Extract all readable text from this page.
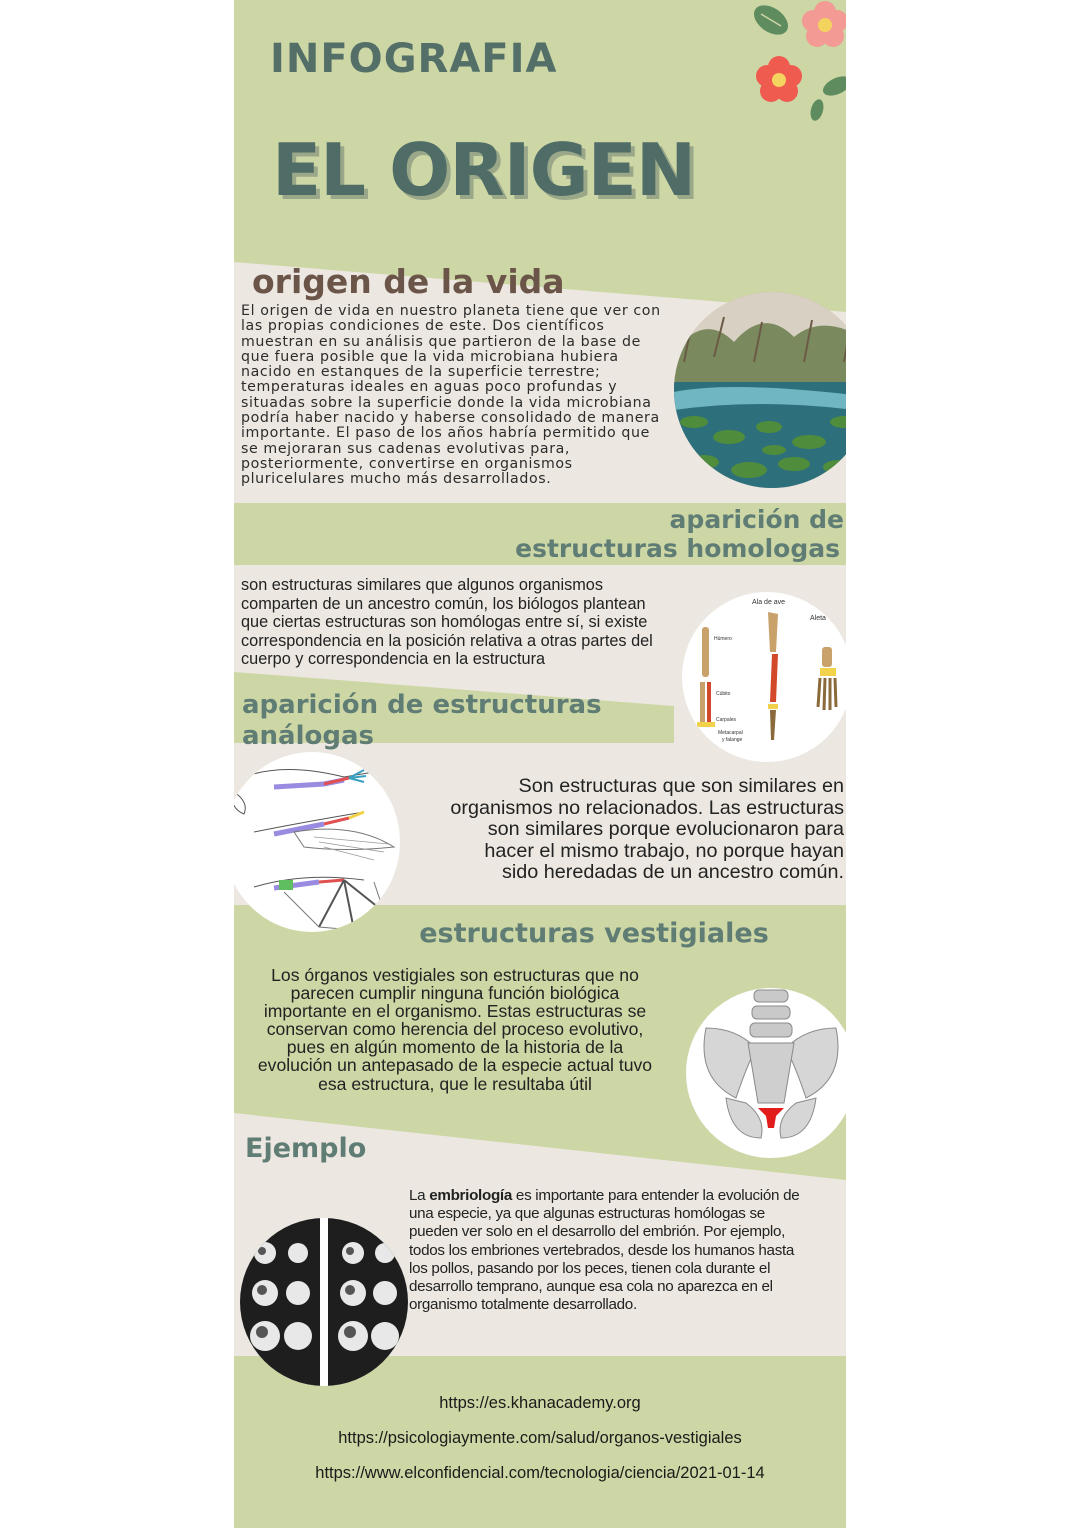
INFOGRAFIA
EL ORIGEN
origen de la vida
El origen de vida en nuestro planeta tiene que ver con
las propias condiciones de este. Dos científicos
muestran en su análisis que partieron de la base de
que fuera posible que la vida microbiana hubiera
nacido en estanques de la superficie terrestre;
temperaturas ideales en aguas poco profundas y
situadas sobre la superficie donde la vida microbiana
podría haber nacido y haberse consolidado de manera
importante. El paso de los años habría permitido que
se mejoraran sus cadenas evolutivas para,
posteriormente, convertirse en organismos
pluricelulares mucho más desarrollados.
aparición de
estructuras homologas
son estructuras similares que algunos organismos
comparten de un ancestro común, los biólogos plantean
que ciertas estructuras son homólogas entre sí, si existe
correspondencia en la posición relativa a otras partes del
cuerpo y correspondencia en la estructura
Ala de ave
Aleta
Húmero
Cúbito
Carpales
Metacarpal
y falange
aparición de estructuras
análogas
Son estructuras que son similares en
organismos no relacionados. Las estructuras
son similares porque evolucionaron para
hacer el mismo trabajo, no porque hayan
sido heredadas de un ancestro común.
estructuras vestigiales
Los órganos vestigiales son estructuras que no
parecen cumplir ninguna función biológica
importante en el organismo. Estas estructuras se
conservan como herencia del proceso evolutivo,
pues en algún momento de la historia de la
evolución un antepasado de la especie actual tuvo
esa estructura, que le resultaba útil
Ejemplo
La embriología es importante para entender la evolución de
una especie, ya que algunas estructuras homólogas se
pueden ver solo en el desarrollo del embrión. Por ejemplo,
todos los embriones vertebrados, desde los humanos hasta
los pollos, pasando por los peces, tienen cola durante el
desarrollo temprano, aunque esa cola no aparezca en el
organismo totalmente desarrollado.
https://es.khanacademy.org
https://psicologiaymente.com/salud/organos-vestigiales
https://www.elconfidencial.com/tecnologia/ciencia/2021-01-14
